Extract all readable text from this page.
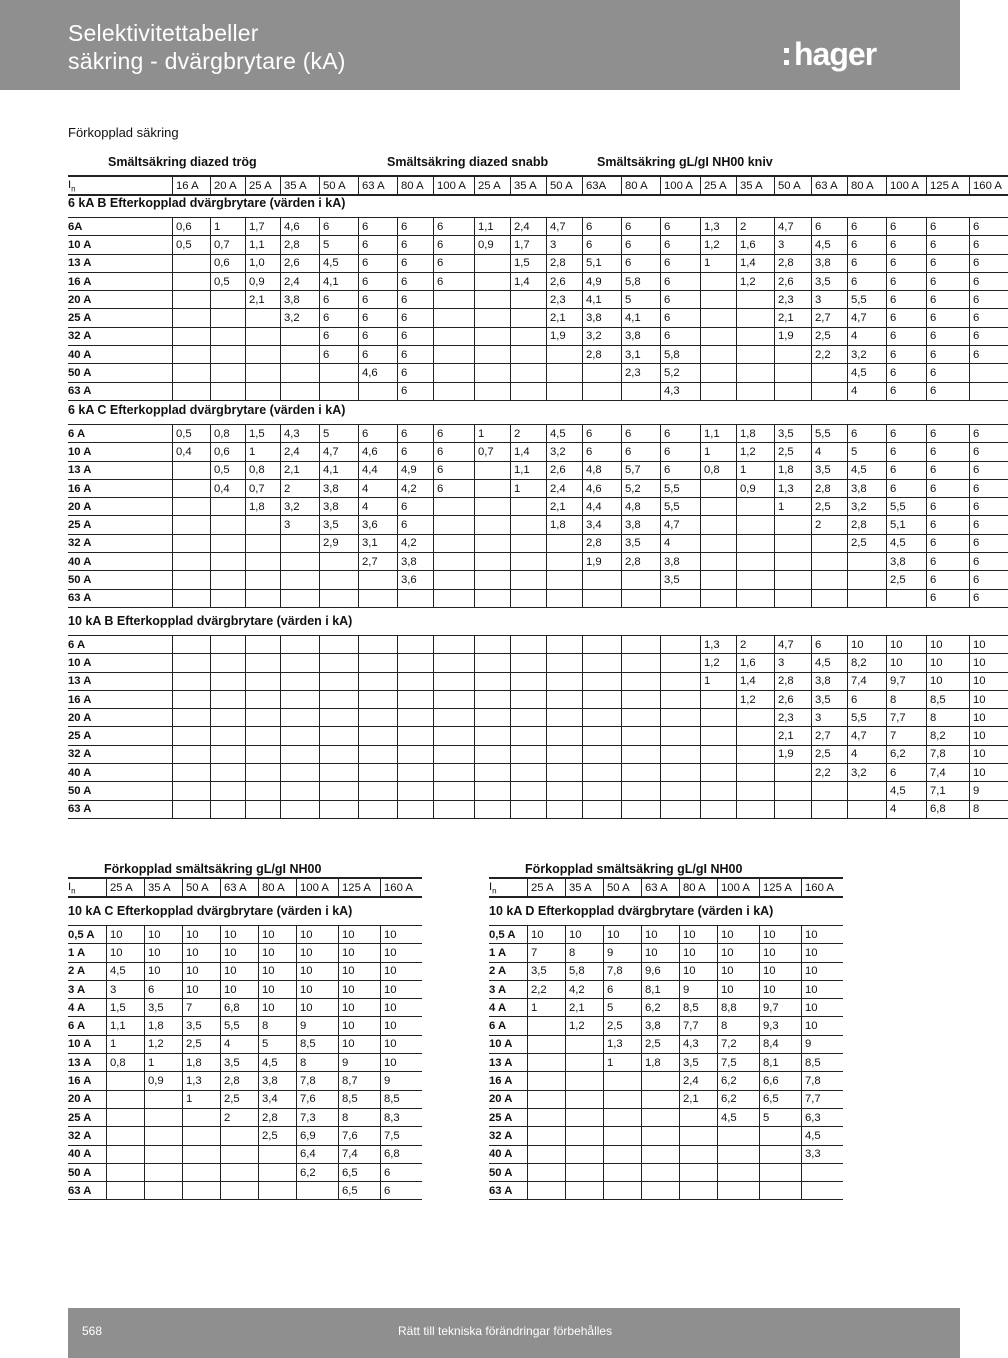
Selektivitettabeller
säkring - dvärgbrytare (kA)	hager
Förkopplad säkring
Smältsäkring diazed trög	Smältsäkring diazed snabb	Smältsäkring gL/gI NH00 kniv
$I_n$	16 A	20 A	25 A	35 A	50 A	63 A	80 A	100 A	25 A	35 A	50 A	63A	80 A	100 A	25 A	35 A	50 A	63 A	80 A	100 A	125 A	160 A
6 kA B Efterkopplad dvärgbrytare (värden i kA)
6A	0,6	1	1,7	4,6	6	6	6	6	1,1	2,4	4,7	6	6	6	1,3	2	4,7	6	6	6	6	6
10 A	0,5	0,7	1,1	2,8	5	6	6	6	0,9	1,7	3	6	6	6	1,2	1,6	3	4,5	6	6	6	6
13 A		0,6	1,0	2,6	4,5	6	6	6		1,5	2,8	5,1	6	6	1	1,4	2,8	3,8	6	6	6	6
16 A		0,5	0,9	2,4	4,1	6	6	6		1,4	2,6	4,9	5,8	6		1,2	2,6	3,5	6	6	6	6
20 A			2,1	3,8	6	6	6				2,3	4,1	5	6			2,3	3	5,5	6	6	6
25 A				3,2	6	6	6				2,1	3,8	4,1	6			2,1	2,7	4,7	6	6	6
32 A					6	6	6				1,9	3,2	3,8	6			1,9	2,5	4	6	6	6
40 A					6	6	6					2,8	3,1	5,8				2,2	3,2	6	6	6
50 A						4,6	6						2,3	5,2					4,5	6	6	
63 A							6							4,3					4	6	6	
6 kA C Efterkopplad dvärgbrytare (värden i kA)
6 A	0,5	0,8	1,5	4,3	5	6	6	6	1	2	4,5	6	6	6	1,1	1,8	3,5	5,5	6	6	6	6
10 A	0,4	0,6	1	2,4	4,7	4,6	6	6	0,7	1,4	3,2	6	6	6	1	1,2	2,5	4	5	6	6	6
13 A		0,5	0,8	2,1	4,1	4,4	4,9	6		1,1	2,6	4,8	5,7	6	0,8	1	1,8	3,5	4,5	6	6	6
16 A		0,4	0,7	2	3,8	4	4,2	6		1	2,4	4,6	5,2	5,5		0,9	1,3	2,8	3,8	6	6	6
20 A			1,8	3,2	3,8	4	6				2,1	4,4	4,8	5,5			1	2,5	3,2	5,5	6	6
25 A				3	3,5	3,6	6				1,8	3,4	3,8	4,7				2	2,8	5,1	6	6
32 A					2,9	3,1	4,2					2,8	3,5	4					2,5	4,5	6	6
40 A						2,7	3,8					1,9	2,8	3,8						3,8	6	6
50 A							3,6							3,5						2,5	6	6
63 A																					6	6
10 kA B Efterkopplad dvärgbrytare (värden i kA)
6 A															1,3	2	4,7	6	10	10	10	10
10 A															1,2	1,6	3	4,5	8,2	10	10	10
13 A															1	1,4	2,8	3,8	7,4	9,7	10	10
16 A																1,2	2,6	3,5	6	8	8,5	10
20 A																	2,3	3	5,5	7,7	8	10
25 A																	2,1	2,7	4,7	7	8,2	10
32 A																	1,9	2,5	4	6,2	7,8	10
40 A																		2,2	3,2	6	7,4	10
50 A																				4,5	7,1	9
63 A																				4	6,8	8
Förkopplad smältsäkring gL/gI NH00
$I_n$	25 A	35 A	50 A	63 A	80 A	100 A	125 A	160 A
10 kA C Efterkopplad dvärgbrytare (värden i kA)
0,5 A	10	10	10	10	10	10	10	10
1 A	10	10	10	10	10	10	10	10
2 A	4,5	10	10	10	10	10	10	10
3 A	3	6	10	10	10	10	10	10
4 A	1,5	3,5	7	6,8	10	10	10	10
6 A	1,1	1,8	3,5	5,5	8	9	10	10
10 A	1	1,2	2,5	4	5	8,5	10	10
13 A	0,8	1	1,8	3,5	4,5	8	9	10
16 A		0,9	1,3	2,8	3,8	7,8	8,7	9
20 A			1	2,5	3,4	7,6	8,5	8,5
25 A				2	2,8	7,3	8	8,3
32 A					2,5	6,9	7,6	7,5
40 A						6,4	7,4	6,8
50 A						6,2	6,5	6
63 A							6,5	6
Förkopplad smältsäkring gL/gI NH00
$I_n$	25 A	35 A	50 A	63 A	80 A	100 A	125 A	160 A
10 kA D Efterkopplad dvärgbrytare (värden i kA)
0,5 A	10	10	10	10	10	10	10	10
1 A	7	8	9	10	10	10	10	10
2 A	3,5	5,8	7,8	9,6	10	10	10	10
3 A	2,2	4,2	6	8,1	9	10	10	10
4 A	1	2,1	5	6,2	8,5	8,8	9,7	10
6 A		1,2	2,5	3,8	7,7	8	9,3	10
10 A			1,3	2,5	4,3	7,2	8,4	9
13 A			1	1,8	3,5	7,5	8,1	8,5
16 A					2,4	6,2	6,6	7,8
20 A					2,1	6,2	6,5	7,7
25 A						4,5	5	6,3
32 A								4,5
40 A								3,3
50 A								
63 A								
568	Rätt till tekniska förändringar förbehålles
